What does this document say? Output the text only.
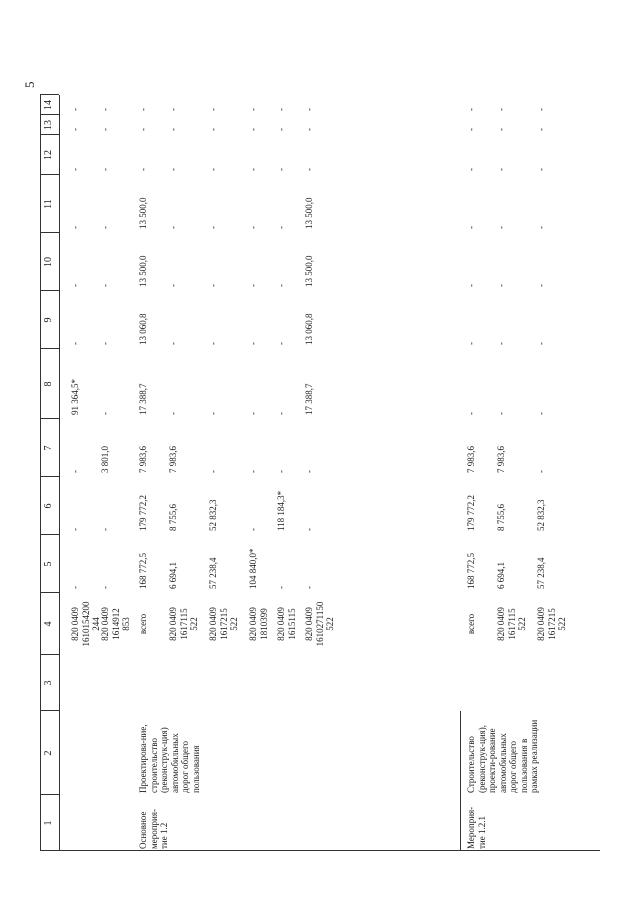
5
1
2
3
4
5
6
7
8
9
10
11
12
13
14
820 0409 1610154200 244
-
-
-
91 364,5*
-
-
-
-
-
-
820 0409 1614912 853
-
-
3 801,0
-
-
-
-
-
-
-
Основное мероприя-тие 1.2
Проектирова-ние, строительство (реконструк-ция) автомобильных дорог общего пользования
всего
168 772,5
179 772,2
7 983,6
17 388,7
13 060,8
13 500,0
13 500,0
-
-
-
820 0409 1617115 522
6 694,1
8 755,6
7 983,6
-
-
-
-
-
-
-
820 0409 1617215 522
57 238,4
52 832,3
-
-
-
-
-
-
-
-
820 0409 1810399
104 840,0*
-
-
-
-
-
-
-
-
-
820 0409 1615115
-
118 184,3*
-
-
-
-
-
-
-
-
820 0409 1610271150 522
-
-
-
17 388,7
13 060,8
13 500,0
13 500,0
-
-
-
Мероприя-тие 1.2.1
Строительство (реконструк-ция), проекти-рование автомобильных дорог общего пользования в рамках реализации
всего
168 772,5
179 772,2
7 983,6
-
-
-
-
-
-
-
820 0409 1617115 522
6 694,1
8 755,6
7 983,6
-
-
-
-
-
-
-
820 0409 1617215 522
57 238,4
52 832,3
-
-
-
-
-
-
-
-
